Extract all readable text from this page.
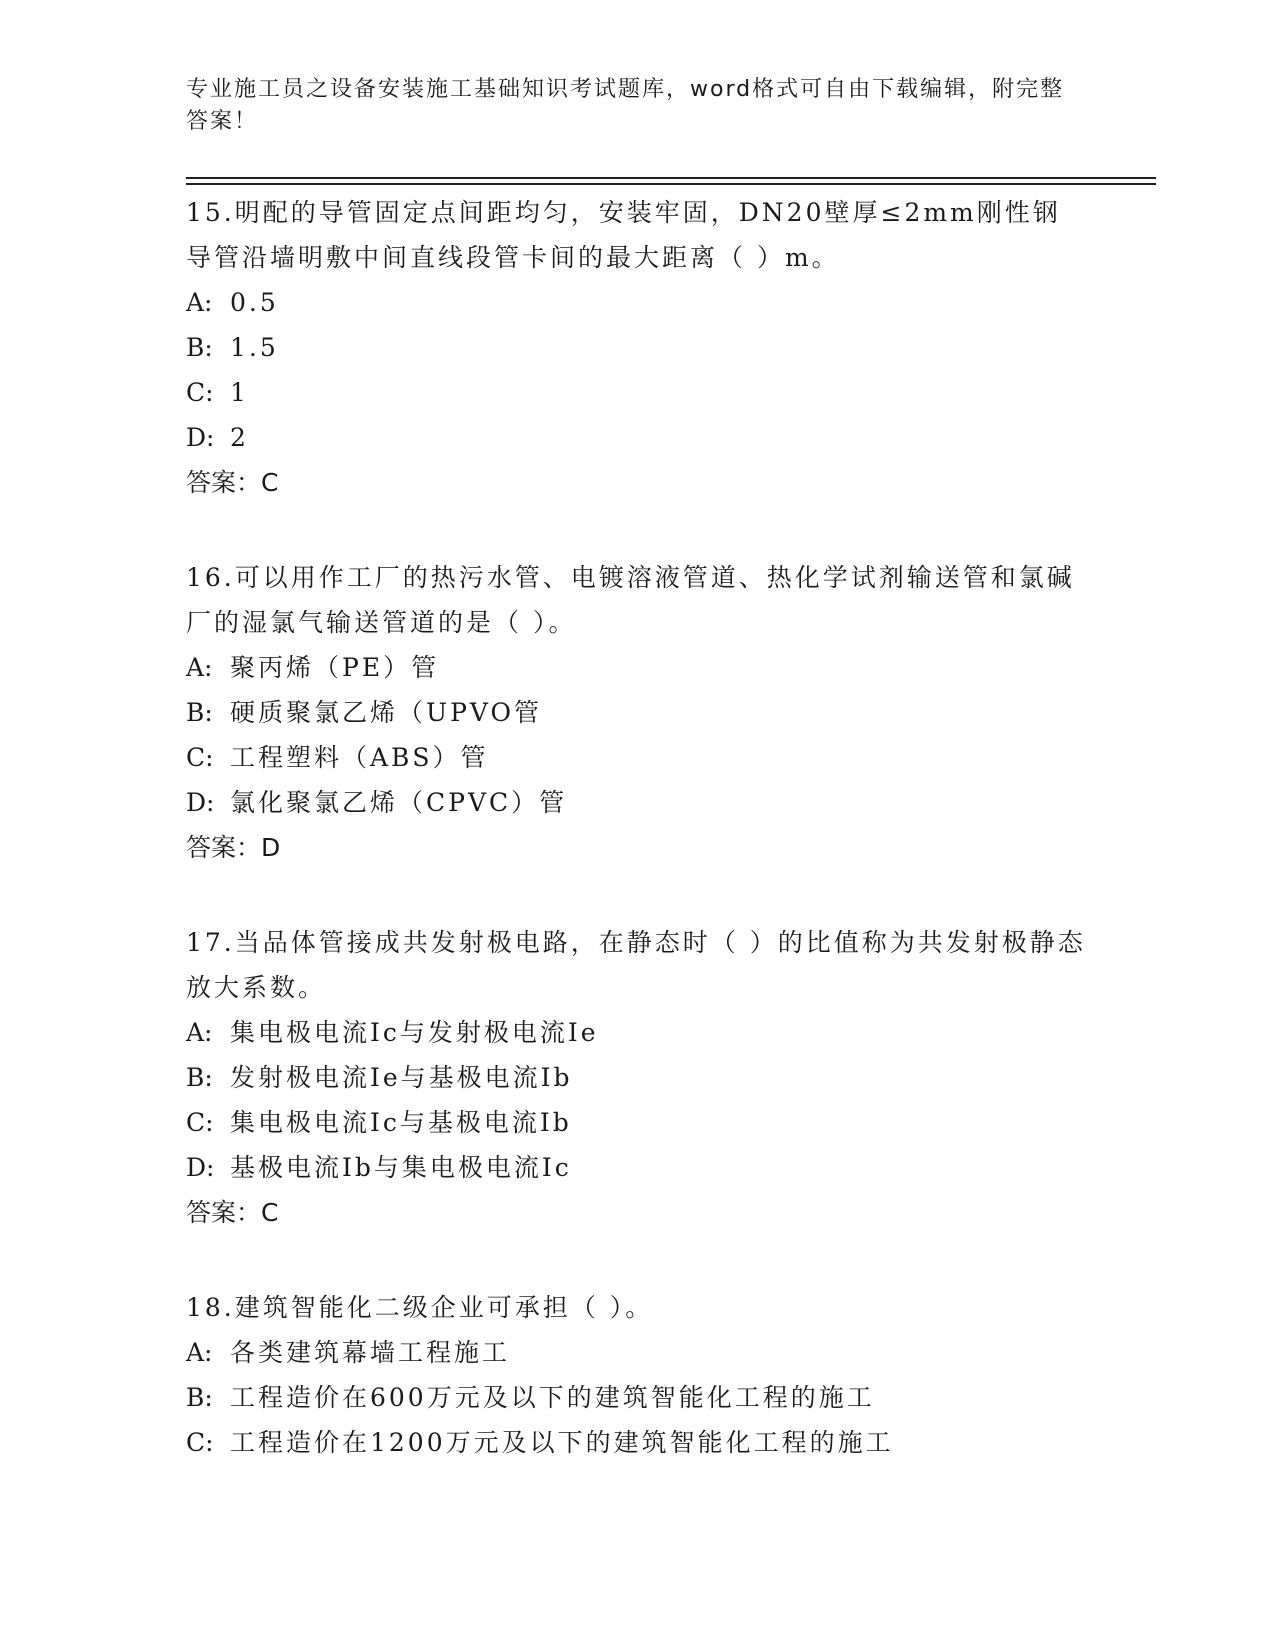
专业施工员之设备安装施工基础知识考试题库，word格式可自由下载编辑，附完整答案！

15.明配的导管固定点间距均匀，安装牢固，DN20壁厚≤2mm刚性钢导管沿墙明敷中间直线段管卡间的最大距离（ ）m。

A: 0.5
B: 1.5
C: 1
D: 2
答案：C

16.可以用作工厂的热污水管、电镀溶液管道、热化学试剂输送管和氯碱厂的湿氯气输送管道的是（ ）。

A: 聚丙烯（PE）管
B: 硬质聚氯乙烯（UPVO管
C: 工程塑料（ABS）管
D: 氯化聚氯乙烯（CPVC）管
答案：D

17.当品体管接成共发射极电路，在静态时（ ）的比值称为共发射极静态放大系数。

A: 集电极电流Ic与发射极电流Ie
B: 发射极电流Ie与基极电流Ib
C: 集电极电流Ic与基极电流Ib
D: 基极电流Ib与集电极电流Ic
答案：C

18.建筑智能化二级企业可承担（ ）。

A: 各类建筑幕墙工程施工
B: 工程造价在600万元及以下的建筑智能化工程的施工
C: 工程造价在1200万元及以下的建筑智能化工程的施工
